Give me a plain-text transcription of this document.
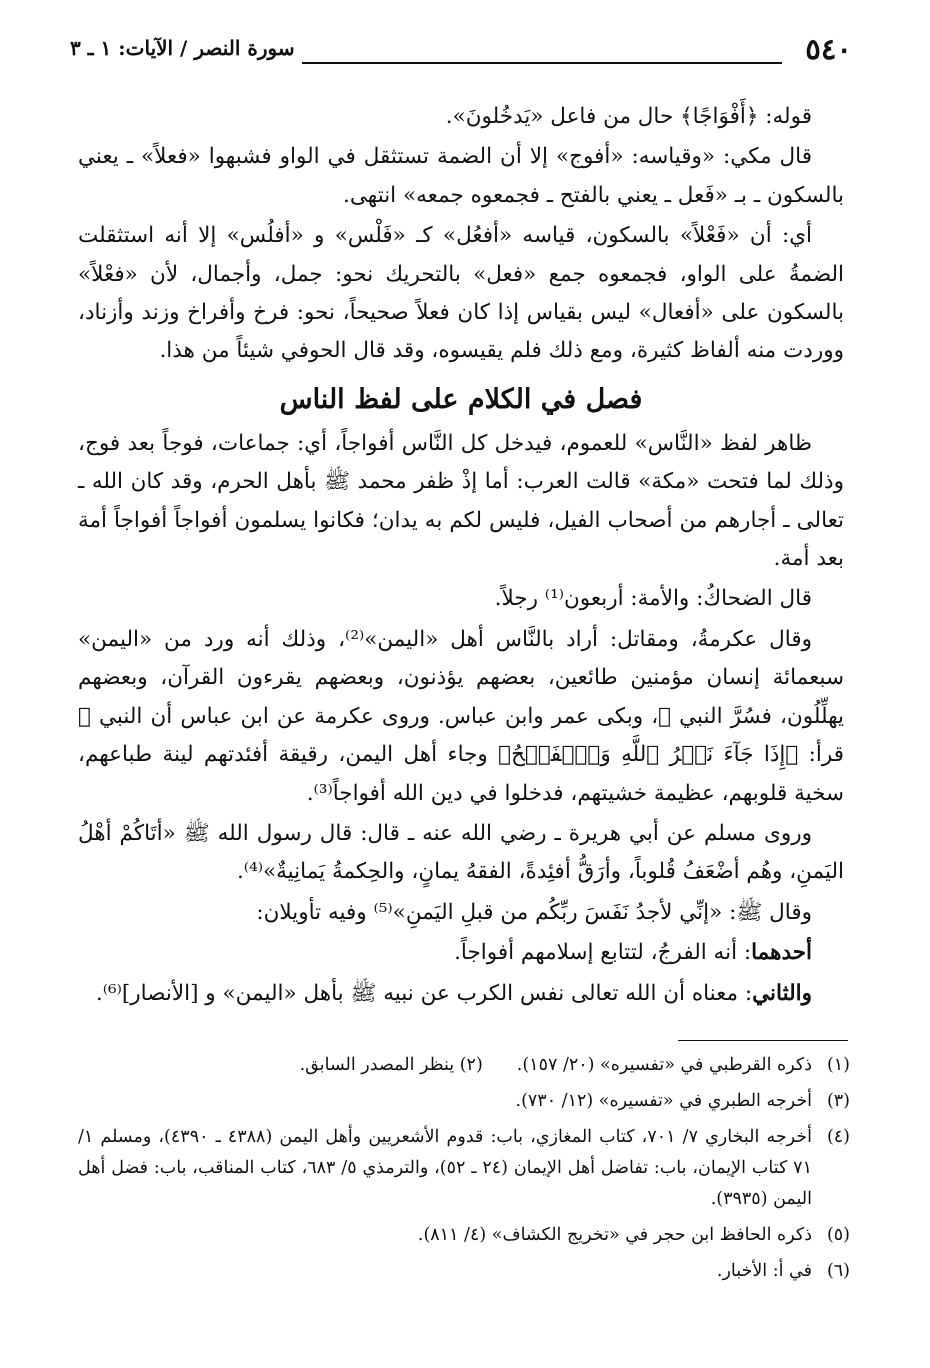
٥٤٠
سورة النصر / الآيات: ١ ـ ٣

قوله: ﴿أَفْوَاجًا﴾ حال من فاعل «يَدخُلونَ».

قال مكي: «وقياسه: «أفوج» إلا أن الضمة تستثقل في الواو فشبهوا «فعلاً» ـ يعني بالسكون ـ بـ «فَعل ـ يعني بالفتح ـ فجمعوه جمعه» انتهى.

أي: أن «فَعْلاً» بالسكون، قياسه «أفعُل» كـ «فَلْس» و «أفلُس» إلا أنه استثقلت الضمةُ على الواو، فجمعوه جمع «فعل» بالتحريك نحو: جمل، وأجمال، لأن «فعْلاً» بالسكون على «أفعال» ليس بقياس إذا كان فعلاً صحيحاً، نحو: فرخ وأفراخ وزند وأزناد، ووردت منه ألفاظ كثيرة، ومع ذلك فلم يقيسوه، وقد قال الحوفي شيئاً من هذا.

فصل في الكلام على لفظ الناس

ظاهر لفظ «النَّاس» للعموم، فيدخل كل النَّاس أفواجاً، أي: جماعات، فوجاً بعد فوج، وذلك لما فتحت «مكة» قالت العرب: أما إذْ ظفر محمد ﷺ بأهل الحرم، وقد كان الله ـ تعالى ـ أجارهم من أصحاب الفيل، فليس لكم به يدان؛ فكانوا يسلمون أفواجاً أفواجاً أمة بعد أمة.

قال الضحاكُ: والأمة: أربعون⁽¹⁾ رجلاً.

وقال عكرمةُ، ومقاتل: أراد بالنَّاس أهل «اليمن»⁽²⁾، وذلك أنه ورد من «اليمن» سبعمائة إنسان مؤمنين طائعين، بعضهم يؤذنون، وبعضهم يقرءون القرآن، وبعضهم يهلِّلُون، فسُرَّ النبي ﷺ، وبكى عمر وابن عباس. وروى عكرمة عن ابن عباس أن النبي ﷺ قرأ: ﴿إِذَا جَآءَ نَصۡرُ ٱللَّهِ وَٱلۡفَتۡحُ﴾ وجاء أهل اليمن، رقيقة أفئدتهم لينة طباعهم، سخية قلوبهم، عظيمة خشيتهم، فدخلوا في دين الله أفواجاً⁽³⁾.

وروى مسلم عن أبي هريرة ـ رضي الله عنه ـ قال: قال رسول الله ﷺ «أتَاكُمْ أهْلُ اليَمنِ، وهُم أضْعَفُ قُلوباً، وأرَقُّ أفئِدةً، الفقهُ يمانٍ، والحِكمةُ يَمانِيةٌ»⁽⁴⁾.

وقال ﷺ: «إنِّي لأجدُ نَفَسَ ربِّكُم من قبلِ اليَمنِ»⁽⁵⁾ وفيه تأويلان:

أحدهما: أنه الفرجُ، لتتابع إسلامهم أفواجاً.

والثاني: معناه أن الله تعالى نفس الكرب عن نبيه ﷺ بأهل «اليمن» و [الأنصار]⁽⁶⁾.

(١)
ذكره القرطبي في «تفسيره» (٢٠/ ١٥٧).(٢) ينظر المصدر السابق.
(٣)
أخرجه الطبري في «تفسيره» (١٢/ ٧٣٠).
(٤)
أخرجه البخاري ٧/ ٧٠١، كتاب المغازي، باب: قدوم الأشعريين وأهل اليمن (٤٣٨٨ ـ ٤٣٩٠)، ومسلم ١/ ٧١ كتاب الإيمان، باب: تفاضل أهل الإيمان (٢٤ ـ ٥٢)، والترمذي ٥/ ٦٨٣، كتاب المناقب، باب: فضل أهل اليمن (٣٩٣٥).
(٥)
ذكره الحافظ ابن حجر في «تخريج الكشاف» (٤/ ٨١١).
(٦)
في أ: الأخبار.
